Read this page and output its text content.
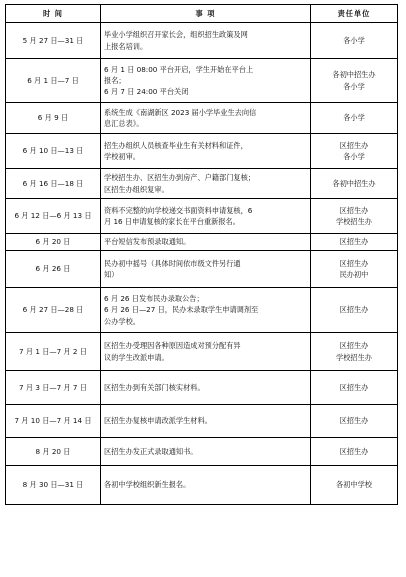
时 间	事 项	责任单位
5 月 27 日—31 日	毕业小学组织召开家长会，组织招生政策及网
上报名培训。	各小学

6 月 1 日—7 日	6 月 1 日 08:00 平台开启，学生开始在平台上
报名；
6 月 7 日 24:00 平台关闭	各初中招生办
各小学

6 月 9 日	系统生成《南湖新区 2023 届小学毕业生去向信
息汇总表》。	各小学

6 月 10 日—13 日	招生办组织人员核查毕业生有关材料和证件，
学校初审。	区招生办
各小学

6 月 16 日—18 日	学校招生办、区招生办到房产、户籍部门复核；
区招生办组织复审。	各初中招生办

6 月 12 日—6 月 13 日	资料不完整的向学校递交书面资料申请复核，6
月 16 日申请复核的家长在平台重新报名。	区招生办
学校招生办

6 月 20 日	平台短信发布预录取通知。	区招生办

6 月 26 日	民办初中摇号（具体时间依市级文件另行通
知）	区招生办
民办初中

6 月 27 日—28 日	6 月 26 日发布民办录取公告；
6 月 26 日—27 日，民办未录取学生申请调剂至
公办学校。	区招生办

7 月 1 日—7 月 2 日	区招生办受理因各种原因造成对预分配有异
议的学生改派申请。	区招生办
学校招生办

7 月 3 日—7 月 7 日	区招生办到有关部门核实材料。	区招生办

7 月 10 日—7 月 14 日	区招生办复核申请改派学生材料。	区招生办

8 月 20 日	区招生办发正式录取通知书。	区招生办

8 月 30 日—31 日	各初中学校组织新生报名。	各初中学校
